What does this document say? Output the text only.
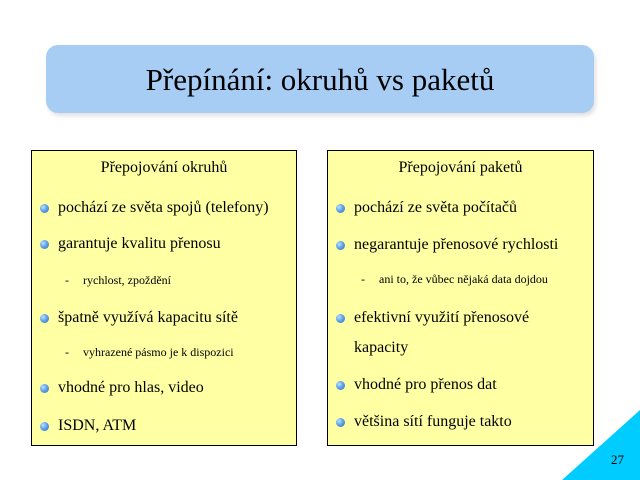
Přepínání: okruhů vs paketů
Přepojování okruhů
pochází ze světa spojů (telefony)
garantuje kvalitu přenosu
- rychlost, zpoždění
špatně využívá kapacitu sítě
- vyhrazené pásmo je k dispozici
vhodné pro hlas, video
ISDN, ATM
Přepojování paketů
pochází ze světa počítačů
negarantuje přenosové rychlosti
- ani to, že vůbec nějaká data dojdou
efektivní využití přenosové
kapacity
vhodné pro přenos dat
většina sítí funguje takto
27
